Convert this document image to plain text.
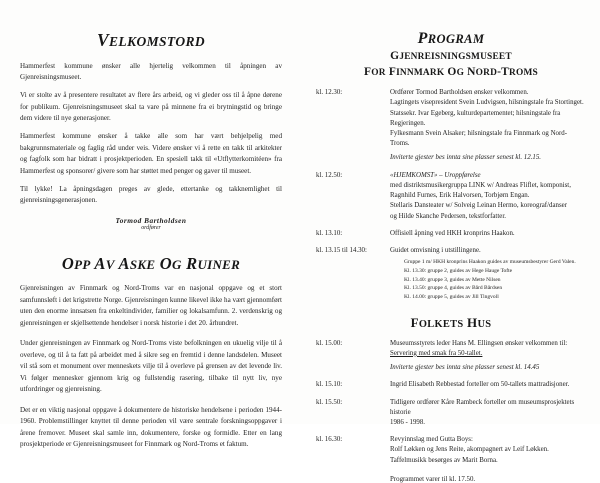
VELKOMSTORD

Hammerfest kommune ønsker alle hjertelig velkommen til åpningen av Gjenreisningsmuseet.

Vi er stolte av å presentere resultatet av flere års arbeid, og vi gleder oss til å åpne dørene for publikum. Gjenreisningsmuseet skal ta vare på minnene fra ei brytningstid og bringe dem videre til nye generasjoner.

Hammerfest kommune ønsker å takke alle som har vært behjelpelig med bakgrunnsmateriale og faglig råd under veis. Videre ønsker vi å rette en takk til arkitekter og fagfolk som har bidratt i prosjektperioden. En spesiell takk til «Utflytterkomitéen» fra Hammerfest og sponsorer/ givere som har støttet med penger og gaver til museet.

Til lykke! La åpningsdagen preges av glede, ettertanke og takknemlighet til gjenreisningsgenerasjonen.

Tormod Bartholdsen
ordfører
OPP AV ASKE OG RUINER

Gjenreisningen av Finnmark og Nord-Troms var en nasjonal oppgave og et stort samfunnsløft i det krigstrette Norge. Gjenreisningen kunne likevel ikke ha vært gjennomført uten den enorme innsatsen fra enkeltindivider, familier og lokalsamfunn. 2. verdenskrig og gjenreisningen er skjellsettende hendelser i norsk historie i det 20. århundret.

Under gjenreisningen av Finnmark og Nord-Troms viste befolkningen en ukuelig vilje til å overleve, og til å ta fatt på arbeidet med å sikre seg en fremtid i denne landsdelen. Museet vil stå som et monument over menneskets vilje til å overleve på grensen av det levende liv. Vi følger mennesker gjennom krig og fullstendig rasering, tilbake til nytt liv, nye utfordringer og gjenreisning.

Det er en viktig nasjonal oppgave å dokumentere de historiske hendelsene i perioden 1944-1960. Problemstillinger knyttet til denne perioden vil være sentrale forskningsoppgaver i årene fremover. Museet skal samle inn, dokumentere, forske og formidle. Etter en lang prosjektperiode er Gjenreisningsmuseet for Finnmark og Nord-Troms et faktum.

PROGRAM
GJENREISNINGSMUSEET
FOR FINNMARK OG NORD-TROMS
kl. 12.30:	Ordfører Tormod Bartholdsen ønsker velkommen.
Lagtingets visepresident Svein Ludvigsen, hilsningstale fra Stortinget.
Statssekr. Ivar Egeberg, kulturdepartementet; hilsningstale fra
Regjeringen.
Fylkesmann Svein Alsaker; hilsningstale fra Finnmark og Nord-Troms.
Inviterte gjester bes innta sine plasser senest kl. 12.15.
kl. 12.50:	«HJEMKOMST» – Uroppførelse
med distriktsmusikergruppa LINK w/ Andreas Fliflet, komponist,
Ragnhild Furnes, Erik Halvorsen, Torbjørn Engan.
Stellaris Dansteater w/ Solveig Leinan Hermo, koreograf/danser
og Hilde Skanche Pedersen, tekstforfatter.
kl. 13.10:	Offisiell åpning ved HKH kronprins Haakon.
kl. 13.15 til 14.30:	Guidet omvisning i utstillingene.
Gruppe 1 m/ HKH kronprins Haakon guides av museumsbestyrer Gerd Valen.
Kl. 13.30: gruppe 2, guides av Hege Hauge Tofte
Kl. 13.40: gruppe 3, guides av Mette Nilsen
Kl. 13.50: gruppe 4, guides av Bård Bårdsen
Kl. 14.00: gruppe 5, guides av Jill Tingvoll
FOLKETS HUS
kl. 15.00:	Museumsstyrets leder Hans M. Ellingsen ønsker velkommen til:
Servering med smak fra 50-tallet.
Inviterte gjester bes innta sine plasser senest kl. 14.45
kl. 15.10:	Ingrid Elisabeth Rebbestad forteller om 50-tallets mattradisjoner.
kl. 15.50:	Tidligere ordfører Kåre Rambeck forteller om museumsprosjektets historie
1986 - 1998.
kl. 16.30:	Revyinnslag med Gutta Boys:
Rolf Løkken og Jens Reite, akompagnert av Leif Løkken.
Taffelmusikk besørges av Marit Borna.
Programmet varer til kl. 17.50.
